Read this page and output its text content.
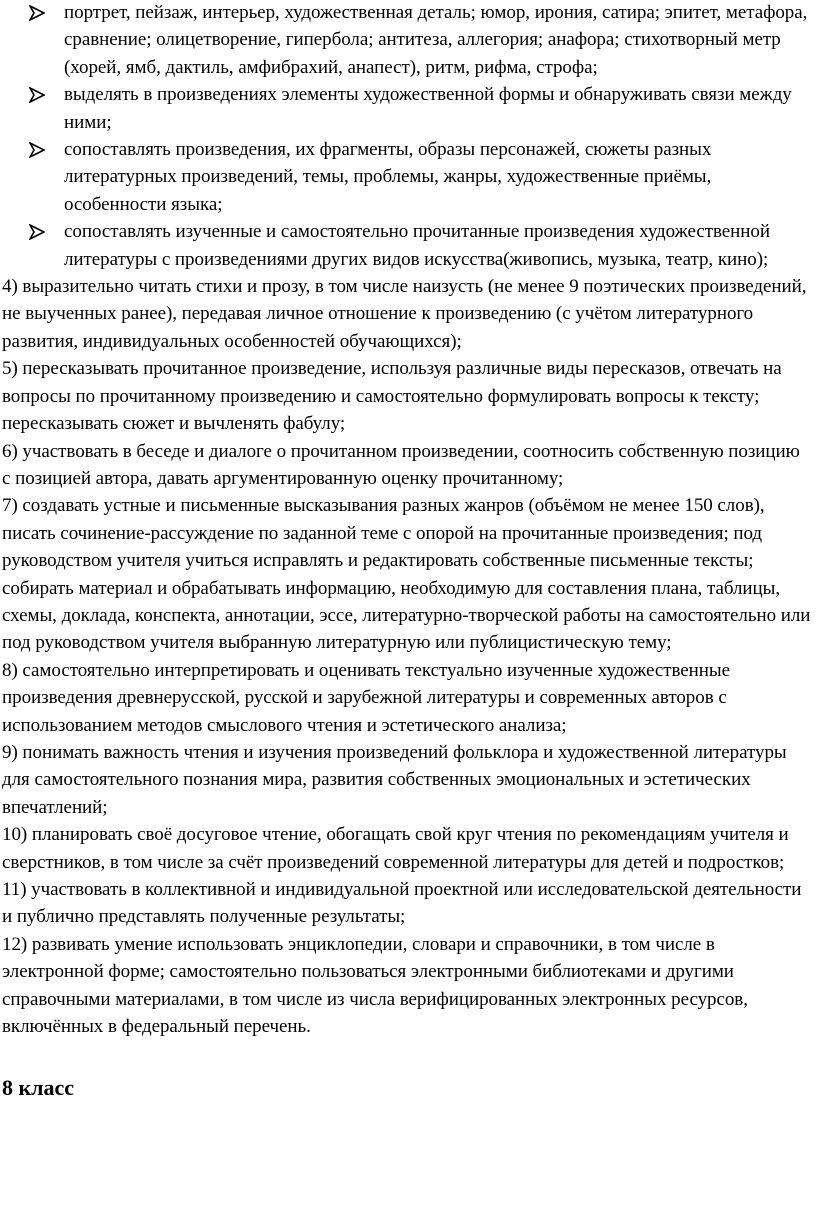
портрет, пейзаж, интерьер, художественная деталь; юмор, ирония, сатира; эпитет, метафора, сравнение; олицетворение, гипербола; антитеза, аллегория; анафора; стихотворный метр (хорей, ямб, дактиль, амфибрахий, анапест), ритм, рифма, строфа;
выделять в произведениях элементы художественной формы и обнаруживать связи между ними;
сопоставлять произведения, их фрагменты, образы персонажей, сюжеты разных литературных произведений, темы, проблемы, жанры, художественные приёмы, особенности языка;
сопоставлять изученные и самостоятельно прочитанные произведения художественной литературы с произведениями других видов искусства(живопись, музыка, театр, кино);

4) выразительно читать стихи и прозу, в том числе наизусть (не менее 9 поэтических произведений, не выученных ранее), передавая личное отношение к произведению (с учётом литературного развития, индивидуальных особенностей обучающихся);

5) пересказывать прочитанное произведение, используя различные виды пересказов, отвечать на вопросы по прочитанному произведению и самостоятельно формулировать вопросы к тексту; пересказывать сюжет и вычленять фабулу;

6) участвовать в беседе и диалоге о прочитанном произведении, соотносить собственную позицию с позицией автора, давать аргументированную оценку прочитанному;

7) создавать устные и письменные высказывания разных жанров (объёмом не менее 150 слов), писать сочинение-рассуждение по заданной теме с опорой на прочитанные произведения; под руководством учителя учиться исправлять и редактировать собственные письменные тексты; собирать материал и обрабатывать информацию, необходимую для составления плана, таблицы, схемы, доклада, конспекта, аннотации, эссе, литературно-творческой работы на самостоятельно или под руководством учителя выбранную литературную или публицистическую тему;

8) самостоятельно интерпретировать и оценивать текстуально изученные художественные произведения древнерусской, русской и зарубежной литературы и современных авторов с использованием методов смыслового чтения и эстетического анализа;

9) понимать важность чтения и изучения произведений фольклора и художественной литературы для самостоятельного познания мира, развития собственных эмоциональных и эстетических впечатлений;

10) планировать своё досуговое чтение, обогащать свой круг чтения по рекомендациям учителя и сверстников, в том числе за счёт произведений современной литературы для детей и подростков;

11) участвовать в коллективной и индивидуальной проектной или исследовательской деятельности и публично представлять полученные результаты;

12) развивать умение использовать энциклопедии, словари и справочники, в том числе в электронной форме; самостоятельно пользоваться электронными библиотеками и другими справочными материалами, в том числе из числа верифицированных электронных ресурсов, включённых в федеральный перечень.

8 класс
